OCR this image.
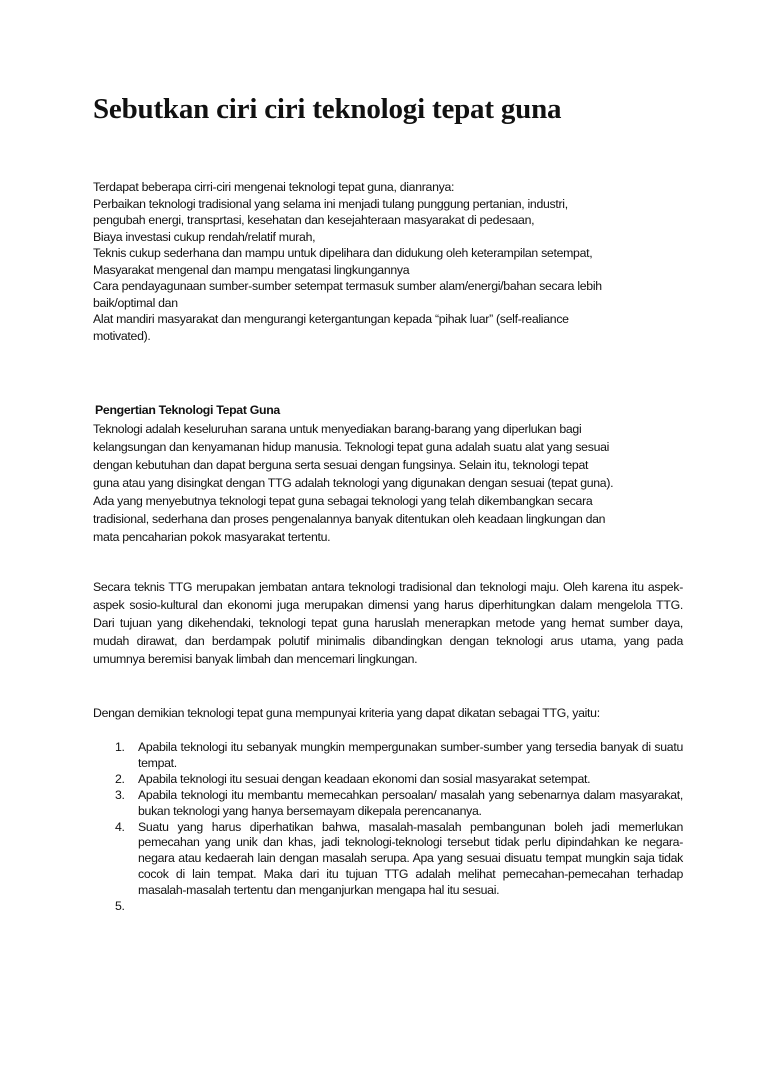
Sebutkan ciri ciri teknologi tepat guna

Terdapat beberapa cirri-ciri mengenai teknologi tepat guna, dianranya:

Perbaikan teknologi tradisional yang selama ini menjadi tulang punggung pertanian, industri,

pengubah energi, transprtasi, kesehatan dan kesejahteraan masyarakat di pedesaan,

Biaya investasi cukup rendah/relatif murah,

Teknis cukup sederhana dan mampu untuk dipelihara dan didukung oleh keterampilan setempat,

Masyarakat mengenal dan mampu mengatasi lingkungannya

Cara pendayagunaan sumber-sumber setempat termasuk sumber alam/energi/bahan secara lebih

baik/optimal dan

Alat mandiri masyarakat dan mengurangi ketergantungan kepada “pihak luar” (self-realiance

motivated).

Pengertian Teknologi Tepat Guna

Teknologi adalah keseluruhan sarana untuk menyediakan barang-barang yang diperlukan bagi

kelangsungan dan kenyamanan hidup manusia. Teknologi tepat guna adalah suatu alat yang sesuai

dengan kebutuhan dan dapat berguna serta sesuai dengan fungsinya. Selain itu, teknologi tepat

guna atau yang disingkat dengan TTG adalah teknologi yang digunakan dengan sesuai (tepat guna).

Ada yang menyebutnya teknologi tepat guna sebagai teknologi yang telah dikembangkan secara

tradisional, sederhana dan proses pengenalannya banyak ditentukan oleh keadaan lingkungan dan

mata pencaharian pokok masyarakat tertentu.

Secara teknis TTG merupakan jembatan antara teknologi tradisional dan teknologi maju. Oleh karena itu aspek-aspek sosio-kultural dan ekonomi juga merupakan dimensi yang harus diperhitungkan dalam mengelola TTG. Dari tujuan yang dikehendaki, teknologi tepat guna haruslah menerapkan metode yang hemat sumber daya, mudah dirawat, dan berdampak polutif minimalis dibandingkan dengan teknologi arus utama, yang pada umumnya beremisi banyak limbah dan mencemari lingkungan.

Dengan demikian teknologi tepat guna mempunyai kriteria yang dapat dikatan sebagai TTG, yaitu:

1. Apabila teknologi itu sebanyak mungkin mempergunakan sumber-sumber yang tersedia banyak di suatu tempat.
2. Apabila teknologi itu sesuai dengan keadaan ekonomi dan sosial masyarakat setempat.
3. Apabila teknologi itu membantu memecahkan persoalan/ masalah yang sebenarnya dalam masyarakat, bukan teknologi yang hanya bersemayam dikepala perencananya.
4. Suatu yang harus diperhatikan bahwa, masalah-masalah pembangunan boleh jadi memerlukan pemecahan yang unik dan khas, jadi teknologi-teknologi tersebut tidak perlu dipindahkan ke negara-negara atau kedaerah lain dengan masalah serupa. Apa yang sesuai disuatu tempat mungkin saja tidak cocok di lain tempat. Maka dari itu tujuan TTG adalah melihat pemecahan-pemecahan terhadap masalah-masalah tertentu dan menganjurkan mengapa hal itu sesuai.
5.
